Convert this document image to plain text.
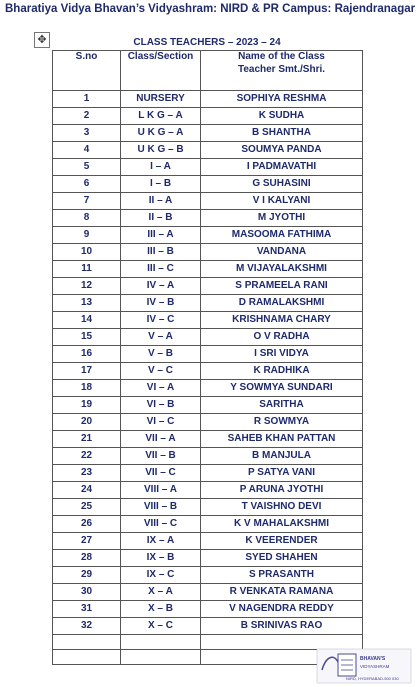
Bharatiya Vidya Bhavan’s Vidyashram: NIRD & PR Campus: Rajendranagar
✥	CLASS TEACHERS – 2023 – 24
S.no	Class/Section	Name of the Class Teacher Smt./Shri.
1	NURSERY	SOPHIYA RESHMA
2	L K G – A	K SUDHA
3	U K G – A	B SHANTHA
4	U K G – B	SOUMYA PANDA
5	I – A	I PADMAVATHI
6	I – B	G SUHASINI
7	II – A	V I KALYANI
8	II – B	M JYOTHI
9	III – A	MASOOMA FATHIMA
10	III – B	VANDANA
11	III – C	M VIJAYALAKSHMI
12	IV – A	S PRAMEELA RANI
13	IV – B	D RAMALAKSHMI
14	IV – C	KRISHNAMA CHARY
15	V – A	O V RADHA
16	V – B	I SRI VIDYA
17	V – C	K RADHIKA
18	VI – A	Y SOWMYA SUNDARI
19	VI – B	SARITHA
20	VI – C	R SOWMYA
21	VII – A	SAHEB KHAN PATTAN
22	VII – B	B MANJULA
23	VII – C	P SATYA VANI
24	VIII – A	P ARUNA JYOTHI
25	VIII – B	T VAISHNO DEVI
26	VIII – C	K V MAHALAKSHMI
27	IX – A	K VEERENDER
28	IX – B	SYED SHAHEN
29	IX – C	S PRASANTH
30	X – A	R VENKATA RAMANA
31	X – B	V NAGENDRA REDDY
32	X – C	B SRINIVAS RAO

BHAVAN'S
VIDYASHRAM
NIRD, HYDERABAD-500 030
